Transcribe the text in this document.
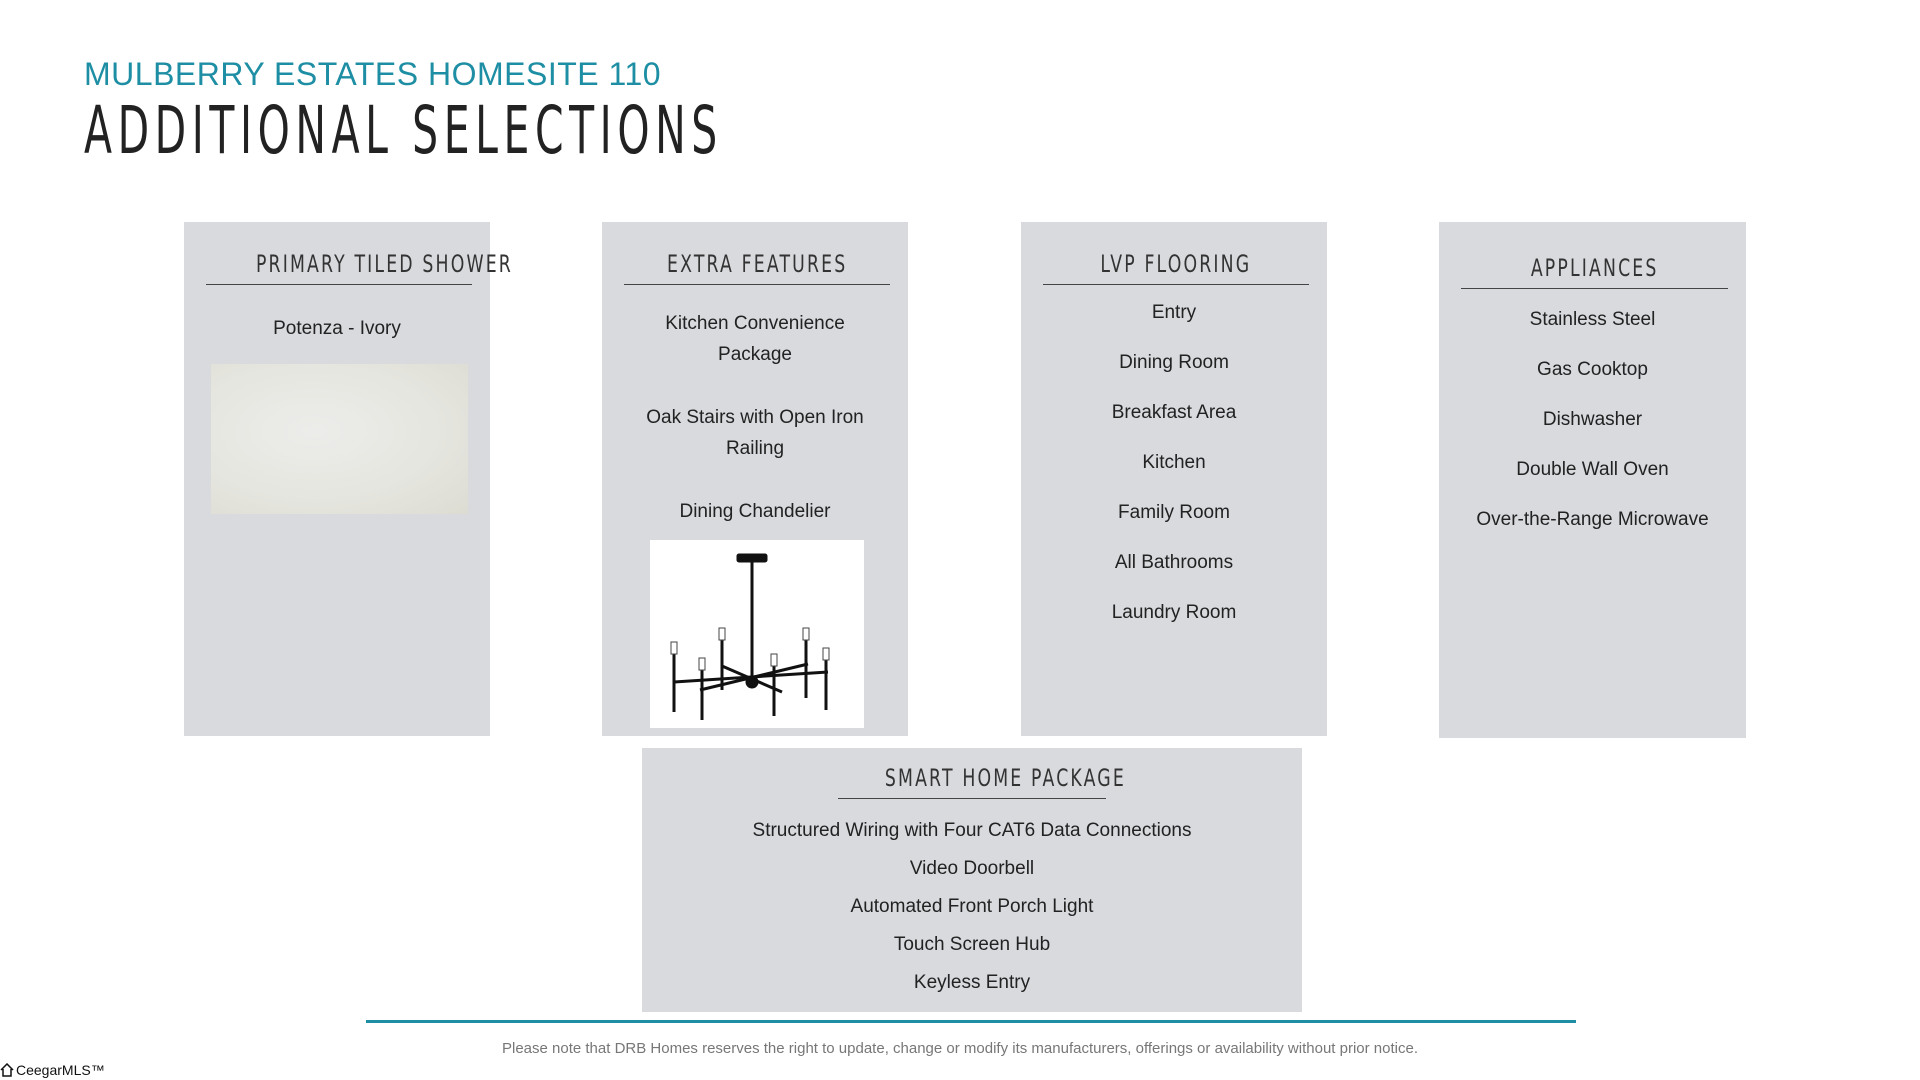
MULBERRY ESTATES HOMESITE 110
ADDITIONAL SELECTIONS
PRIMARY TILED SHOWER
Potenza - Ivory
EXTRA FEATURES
Kitchen Convenience Package
Oak Stairs with Open Iron Railing
Dining Chandelier
LVP FLOORING
Entry
Dining Room
Breakfast Area
Kitchen
Family Room
All Bathrooms
Laundry Room
APPLIANCES
Stainless Steel
Gas Cooktop
Dishwasher
Double Wall Oven
Over-the-Range Microwave
SMART HOME PACKAGE
Structured Wiring with Four CAT6 Data Connections
Video Doorbell
Automated Front Porch Light
Touch Screen Hub
Keyless Entry
Please note that DRB Homes reserves the right to update, change or modify its manufacturers, offerings or availability without prior notice.
CeegarMLS™
